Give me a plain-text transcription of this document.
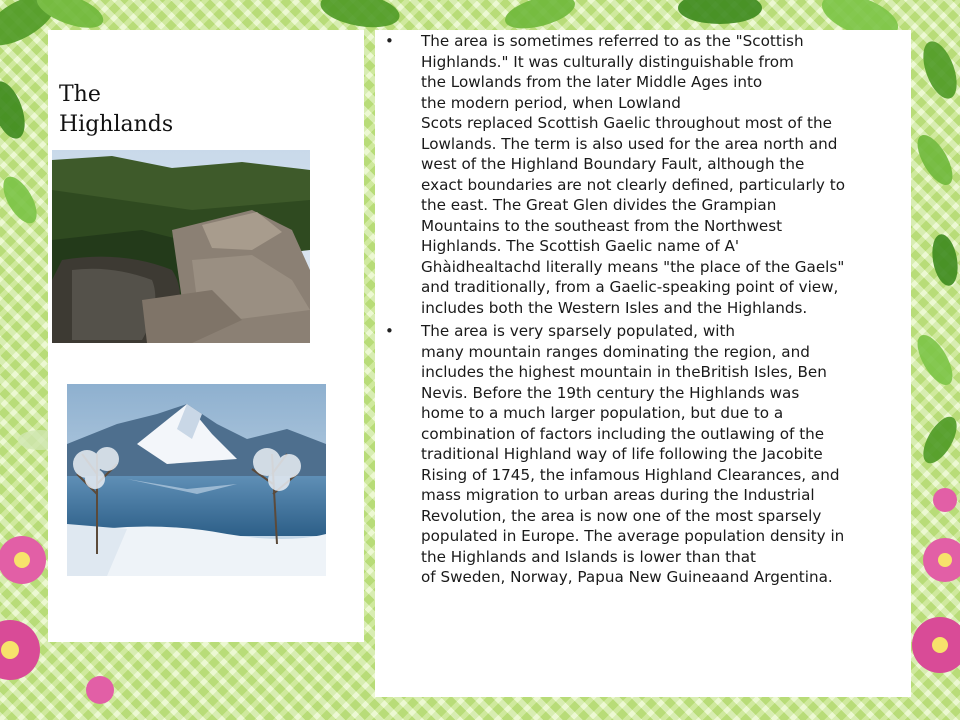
The
Highlands
• The area is sometimes referred to as the "Scottish
Highlands." It was culturally distinguishable from
the Lowlands from the later Middle Ages into
the modern period, when Lowland
Scots replaced Scottish Gaelic throughout most of the
Lowlands. The term is also used for the area north and
west of the Highland Boundary Fault, although the
exact boundaries are not clearly defined, particularly to
the east. The Great Glen divides the Grampian
Mountains to the southeast from the Northwest
Highlands. The Scottish Gaelic name of A'
Ghàidhealtachd literally means "the place of the Gaels"
and traditionally, from a Gaelic-speaking point of view,
includes both the Western Isles and the Highlands.
• The area is very sparsely populated, with
many mountain ranges dominating the region, and
includes the highest mountain in theBritish Isles, Ben
Nevis. Before the 19th century the Highlands was
home to a much larger population, but due to a
combination of factors including the outlawing of the
traditional Highland way of life following the Jacobite
Rising of 1745, the infamous Highland Clearances, and
mass migration to urban areas during the Industrial
Revolution, the area is now one of the most sparsely
populated in Europe. The average population density in
the Highlands and Islands is lower than that
of Sweden, Norway, Papua New Guineaand Argentina.
